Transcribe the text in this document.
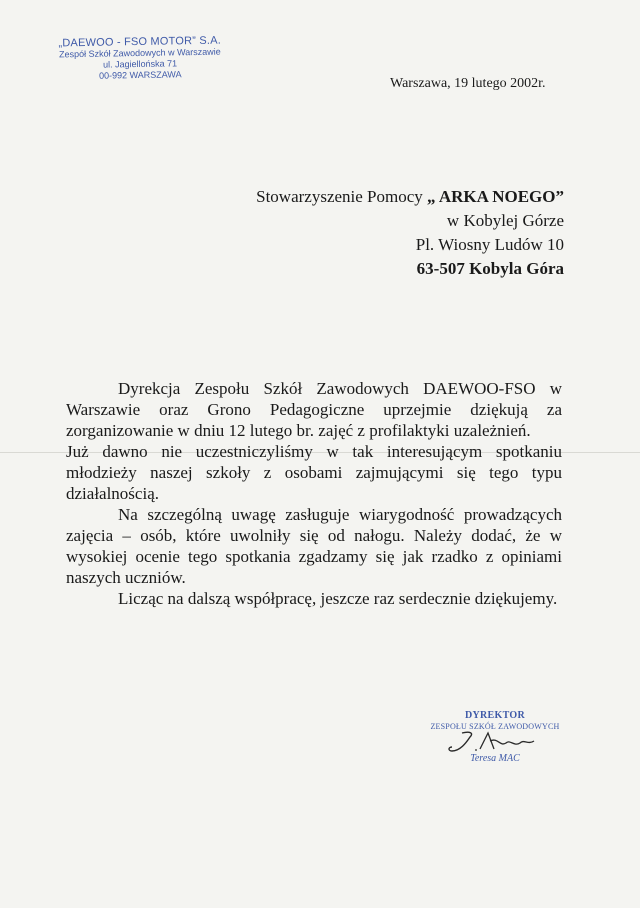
„DAEWOO - FSO MOTOR” S.A.
Zespół Szkół Zawodowych w Warszawie
ul. Jagiellońska 71
00-992 WARSZAWA
Warszawa, 19 lutego 2002r.
Stowarzyszenie Pomocy „ ARKA NOEGO”
w Kobylej Górze
Pl. Wiosny Ludów 10
63-507 Kobyla Góra

Dyrekcja Zespołu Szkół Zawodowych DAEWOO-FSO w Warszawie oraz Grono Pedagogiczne uprzejmie dziękują za zorganizowanie w dniu 12 lutego br. zajęć z profilaktyki uzależnień.

Już dawno nie uczestniczyliśmy w tak interesującym spotkaniu młodzieży naszej szkoły z osobami zajmującymi się tego typu działalnością.

Na szczególną uwagę zasługuje wiarygodność prowadzących zajęcia – osób, które uwolniły się od nałogu. Należy dodać, że w wysokiej ocenie tego spotkania zgadzamy się jak rzadko z opiniami naszych uczniów.

Licząc na dalszą współpracę, jeszcze raz serdecznie dziękujemy.

DYREKTOR
ZESPOŁU SZKÓŁ ZAWODOWYCH
Teresa MAC
